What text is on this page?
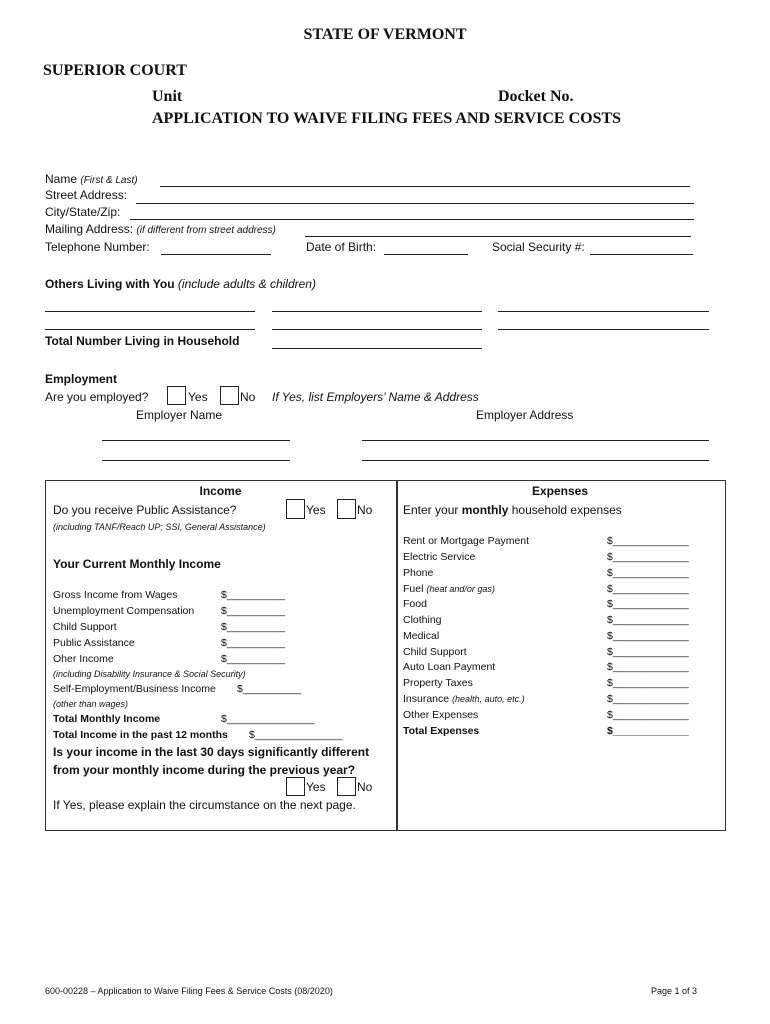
STATE OF VERMONT
SUPERIOR COURT
Unit	Docket No.
APPLICATION TO WAIVE FILING FEES AND SERVICE COSTS
Name (First & Last)
Street Address:
City/State/Zip:
Mailing Address: (if different from street address)
Telephone Number:	Date of Birth:	Social Security #:
Others Living with You (include adults & children)
Total Number Living in Household
Employment
Are you employed?	Yes	No If Yes, list Employers’ Name & Address
Employer Name	Employer Address
Income
Do you receive Public Assistance?	Yes	No
(including TANF/Reach UP; SSI, General Assistance)
Your Current Monthly Income
Gross Income from Wages	$__________
Unemployment Compensation	$__________
Child Support	$__________
Public Assistance	$__________
Oher Income	$__________
(including Disability Insurance & Social Security)
Self-Employment/Business Income $__________
(other than wages)
Total Monthly Income	$_______________
Total Income in the past 12 months $_______________
Is your income in the last 30 days significantly different
from your monthly income during the previous year?
Yes	No
If Yes, please explain the circumstance on the next page.
Expenses
Enter your monthly household expenses
Rent or Mortgage Payment	$_____________
Electric Service	$_____________
Phone	$_____________
Fuel (heat and/or gas)	$_____________
Food	$_____________
Clothing	$_____________
Medical	$_____________
Child Support	$_____________
Auto Loan Payment	$_____________
Property Taxes	$_____________
Insurance (health, auto, etc.)	$_____________
Other Expenses	$_____________
Total Expenses	$_____________
600-00228 – Application to Waive Filing Fees & Service Costs (08/2020)	Page 1 of 3
